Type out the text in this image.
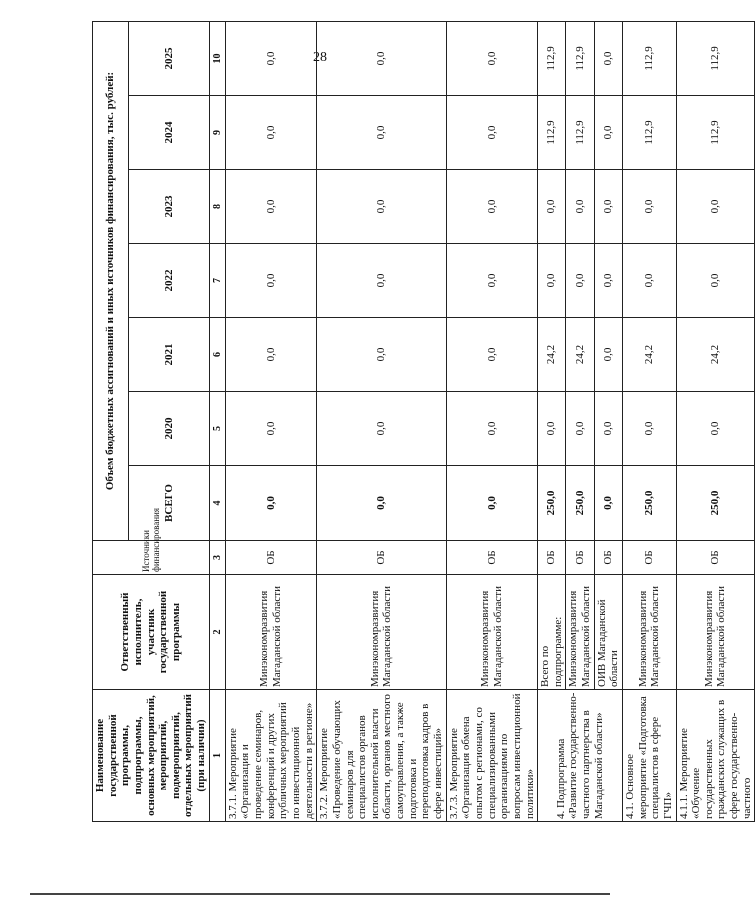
28
Наименование государственной программы, подпрограммы, основных мероприятий, мероприятий, подмероприятий, отдельных мероприятий (при наличии)	Ответственный исполнитель, участник государственной программы	Источники финансирования	Объем бюджетных ассигнований и иных источников финансирования, тыс. рублей:						
			ВСЕГО	2020	2021	2022	2023	2024	2025
1	2	3	4	5	6	7	8	9	10
3.7.1. Мероприятие «Организация и проведение семинаров, конференций и других публичных мероприятий по инвестиционной деятельности в регионе»	Минэкономразвития Магаданской области	ОБ	0,0	0,0	0,0	0,0	0,0	0,0	0,0
3.7.2. Мероприятие «Проведение обучающих семинаров для специалистов органов исполнительной власти области, органов местного самоуправления, а также подготовка и переподготовка кадров в сфере инвестиций»	Минэкономразвития Магаданской области	ОБ	0,0	0,0	0,0	0,0	0,0	0,0	0,0
3.7.3. Мероприятие «Организация обмена опытом с регионами, со специализированными организациями по вопросам инвестиционной политики»	Минэкономразвития Магаданской области	ОБ	0,0	0,0	0,0	0,0	0,0	0,0	0,0
4. Подпрограмма «Развитие государственно-частного партнерства в Магаданской области»	Всего по подпрограмме:	ОБ	250,0	0,0	24,2	0,0	0,0	112,9	112,9
	Минэкономразвития Магаданской области	ОБ	250,0	0,0	24,2	0,0	0,0	112,9	112,9
	ОИВ Магаданской области	ОБ	0,0	0,0	0,0	0,0	0,0	0,0	0,0
4.1. Основное мероприятие «Подготовка специалистов в сфере ГЧП»	Минэкономразвития Магаданской области	ОБ	250,0	0,0	24,2	0,0	0,0	112,9	112,9
4.1.1. Мероприятие «Обучение государственных гражданских служащих в сфере государственно-частного	Минэкономразвития Магаданской области	ОБ	250,0	0,0	24,2	0,0	0,0	112,9	112,9
